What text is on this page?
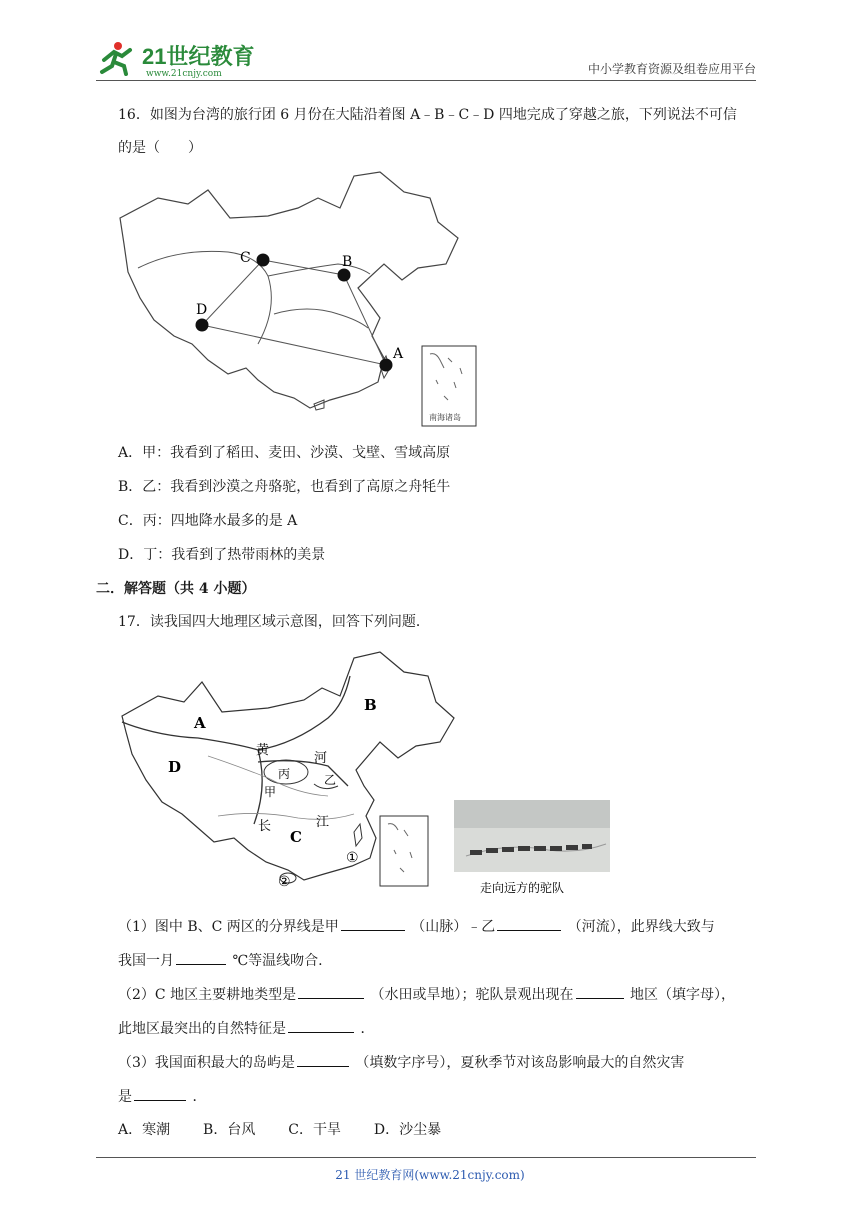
21世纪教育
www.21cnjy.com	中小学教育资源及组卷应用平台
16．如图为台湾的旅行团 6 月份在大陆沿着图 A﹣B﹣C﹣D 四地完成了穿越之旅，下列说法不可信
的是（　　）
C	B
D
A
南海诸岛
A．甲：我看到了稻田、麦田、沙漠、戈壁、雪域高原
B．乙：我看到沙漠之舟骆驼，也看到了高原之舟牦牛
C．丙：四地降水最多的是 A
D．丁：我看到了热带雨林的美景
二．解答题（共 4 小题）
17．读我国四大地理区域示意图，回答下列问题．
A
B
C
D
黄
河
丙	乙
甲
长	江
①
②	走向远方的驼队
（1）图中 B、C 两区的分界线是甲	（山脉）﹣乙	（河流），此界线大致与
我国一月	℃等温线吻合.
（2）C 地区主要耕地类型是	（水田或旱地）；驼队景观出现在	地区（填字母），
此地区最突出的自然特征是	．
（3）我国面积最大的岛屿是	（填数字序号），夏秋季节对该岛影响最大的自然灾害
是	．
A．寒潮 B．台风 C．干旱 D．沙尘暴
21 世纪教育网(www.21cnjy.com)
